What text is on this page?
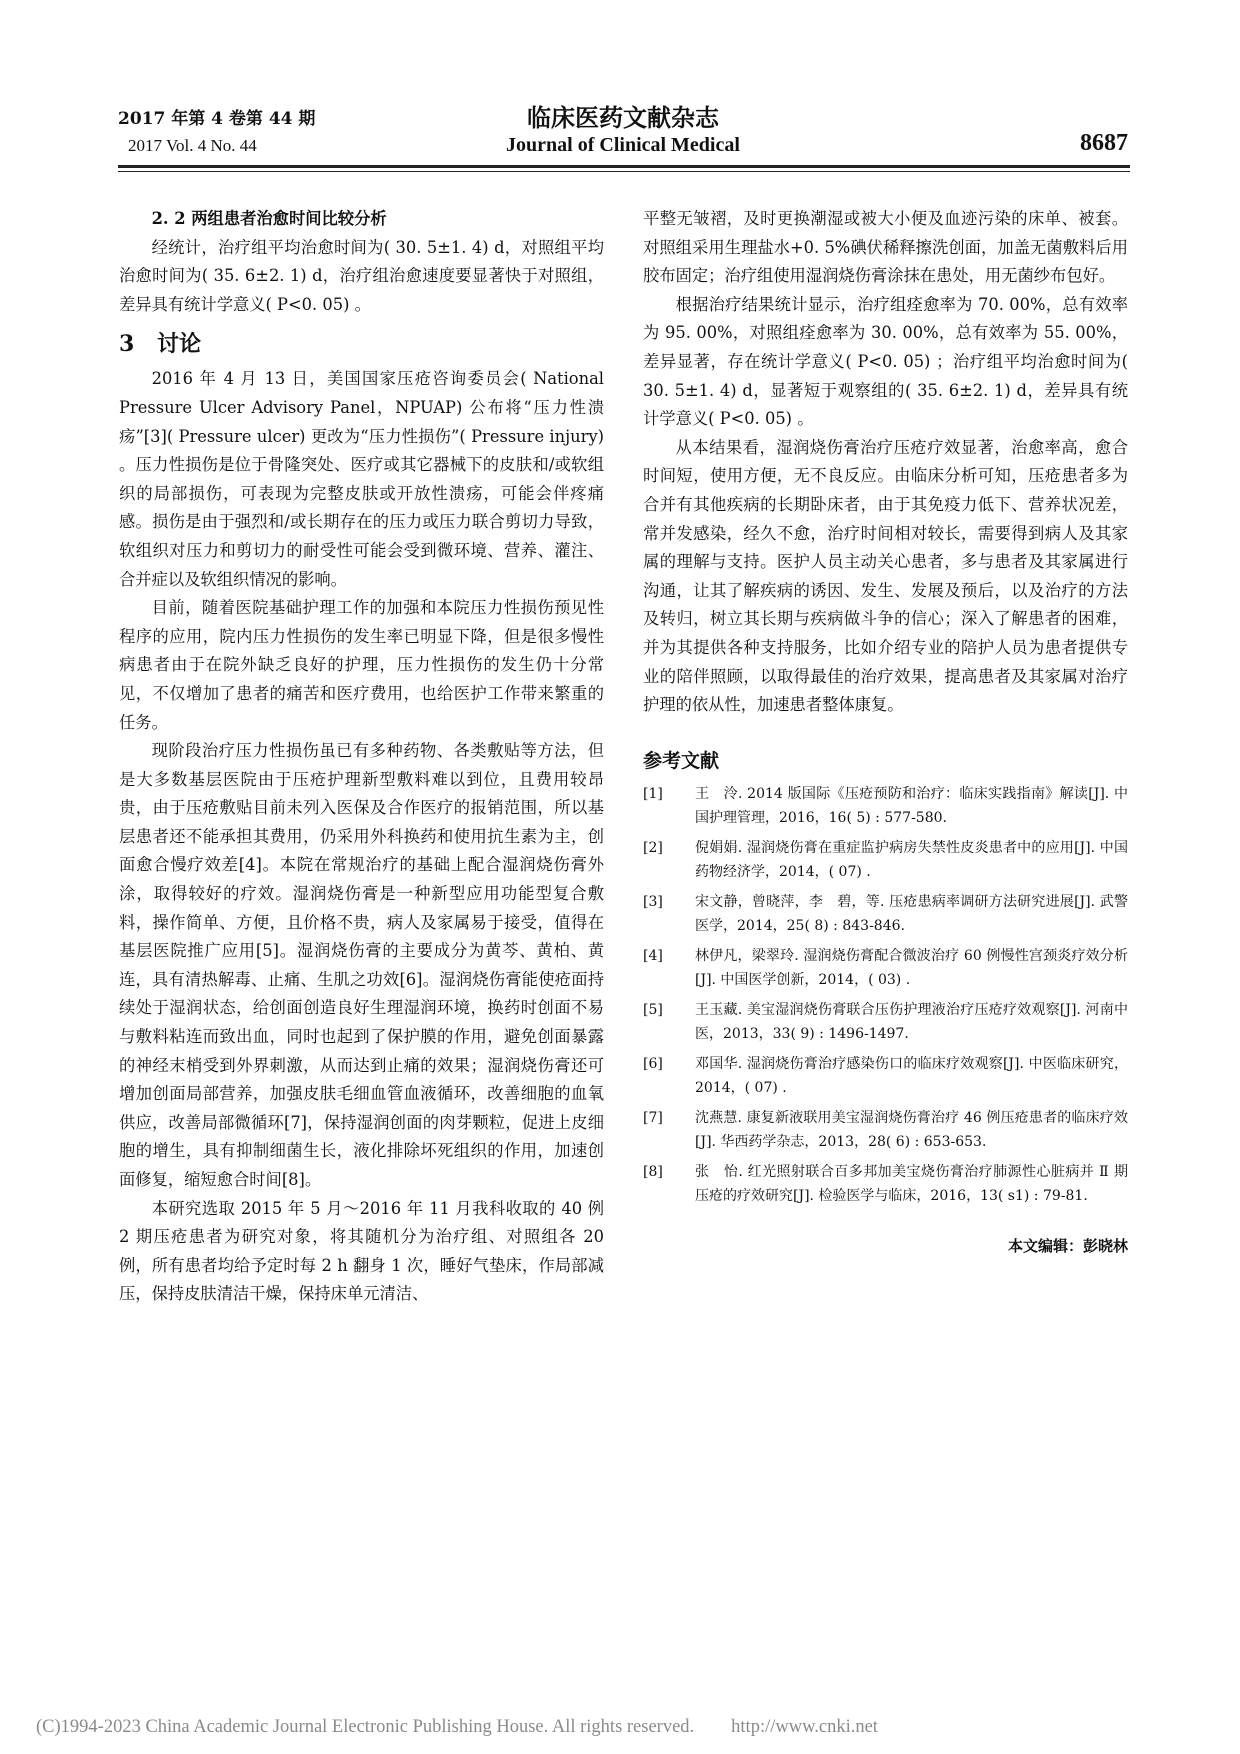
2017 年第 4 卷第 44 期	临床医药文献杂志
2017 Vol. 4 No. 44	Journal of Clinical Medical	8687

2. 2 两组患者治愈时间比较分析

经统计，治疗组平均治愈时间为( 30. 5±1. 4) d，对照组平均治愈时间为( 35. 6±2. 1) d，治疗组治愈速度要显著快于对照组，差异具有统计学意义( P<0. 05) 。

3 讨论

2016 年 4 月 13 日，美国国家压疮咨询委员会( National Pressure Ulcer Advisory Panel，NPUAP) 公布将“压力性溃疡”[3]( Pressure ulcer) 更改为“压力性损伤”( Pressure injury) 。压力性损伤是位于骨隆突处、医疗或其它器械下的皮肤和/或软组织的局部损伤，可表现为完整皮肤或开放性溃疡，可能会伴疼痛感。损伤是由于强烈和/或长期存在的压力或压力联合剪切力导致，软组织对压力和剪切力的耐受性可能会受到微环境、营养、灌注、合并症以及软组织情况的影响。

目前，随着医院基础护理工作的加强和本院压力性损伤预见性程序的应用，院内压力性损伤的发生率已明显下降，但是很多慢性病患者由于在院外缺乏良好的护理，压力性损伤的发生仍十分常见，不仅增加了患者的痛苦和医疗费用，也给医护工作带来繁重的任务。

现阶段治疗压力性损伤虽已有多种药物、各类敷贴等方法，但是大多数基层医院由于压疮护理新型敷料难以到位，且费用较昂贵，由于压疮敷贴目前未列入医保及合作医疗的报销范围，所以基层患者还不能承担其费用，仍采用外科换药和使用抗生素为主，创面愈合慢疗效差[4]。本院在常规治疗的基础上配合湿润烧伤膏外涂，取得较好的疗效。湿润烧伤膏是一种新型应用功能型复合敷料，操作简单、方便，且价格不贵，病人及家属易于接受，值得在基层医院推广应用[5]。湿润烧伤膏的主要成分为黄芩、黄柏、黄连，具有清热解毒、止痛、生肌之功效[6]。湿润烧伤膏能使疮面持续处于湿润状态，给创面创造良好生理湿润环境，换药时创面不易与敷料粘连而致出血，同时也起到了保护膜的作用，避免创面暴露的神经末梢受到外界刺激，从而达到止痛的效果；湿润烧伤膏还可增加创面局部营养，加强皮肤毛细血管血液循环，改善细胞的血氧供应，改善局部微循环[7]，保持湿润创面的肉芽颗粒，促进上皮细胞的增生，具有抑制细菌生长，液化排除坏死组织的作用，加速创面修复，缩短愈合时间[8]。

本研究选取 2015 年 5 月～2016 年 11 月我科收取的 40 例 2 期压疮患者为研究对象，将其随机分为治疗组、对照组各 20 例，所有患者均给予定时每 2 h 翻身 1 次，睡好气垫床，作局部减压，保持皮肤清洁干燥，保持床单元清洁、

平整无皱褶，及时更换潮湿或被大小便及血迹污染的床单、被套。对照组采用生理盐水+0. 5%碘伏稀释擦洗创面，加盖无菌敷料后用胶布固定；治疗组使用湿润烧伤膏涂抹在患处，用无菌纱布包好。

根据治疗结果统计显示，治疗组痊愈率为 70. 00%，总有效率为 95. 00%，对照组痊愈率为 30. 00%，总有效率为 55. 00%，差异显著，存在统计学意义( P<0. 05) ；治疗组平均治愈时间为( 30. 5±1. 4) d，显著短于观察组的( 35. 6±2. 1) d，差异具有统计学意义( P<0. 05) 。

从本结果看，湿润烧伤膏治疗压疮疗效显著，治愈率高，愈合时间短，使用方便，无不良反应。由临床分析可知，压疮患者多为合并有其他疾病的长期卧床者，由于其免疫力低下、营养状况差，常并发感染，经久不愈，治疗时间相对较长，需要得到病人及其家属的理解与支持。医护人员主动关心患者，多与患者及其家属进行沟通，让其了解疾病的诱因、发生、发展及预后，以及治疗的方法及转归，树立其长期与疾病做斗争的信心；深入了解患者的困难，并为其提供各种支持服务，比如介绍专业的陪护人员为患者提供专业的陪伴照顾，以取得最佳的治疗效果，提高患者及其家属对治疗护理的依从性，加速患者整体康复。

参考文献
[1] 王　泠. 2014 版国际《压疮预防和治疗：临床实践指南》解读[J]. 中国护理管理，2016，16( 5) : 577-580.
[2] 倪娟娟. 湿润烧伤膏在重症监护病房失禁性皮炎患者中的应用[J]. 中国药物经济学，2014，( 07) .
[3] 宋文静，曾晓萍，李　碧，等. 压疮患病率调研方法研究进展[J]. 武警医学，2014，25( 8) : 843-846.
[4] 林伊凡，梁翠玲. 湿润烧伤膏配合微波治疗 60 例慢性宫颈炎疗效分析[J]. 中国医学创新，2014，( 03) .
[5] 王玉藏. 美宝湿润烧伤膏联合压伤护理液治疗压疮疗效观察[J]. 河南中医，2013，33( 9) : 1496-1497.
[6] 邓国华. 湿润烧伤膏治疗感染伤口的临床疗效观察[J]. 中医临床研究，2014，( 07) .
[7] 沈燕慧. 康复新液联用美宝湿润烧伤膏治疗 46 例压疮患者的临床疗效[J]. 华西药学杂志，2013，28( 6) : 653-653.
[8] 张　怡. 红光照射联合百多邦加美宝烧伤膏治疗肺源性心脏病并 Ⅱ 期压疮的疗效研究[J]. 检验医学与临床，2016，13( s1) : 79-81.
本文编辑：彭晓林
(C)1994-2023 China Academic Journal Electronic Publishing House. All rights reserved.　　http://www.cnki.net
